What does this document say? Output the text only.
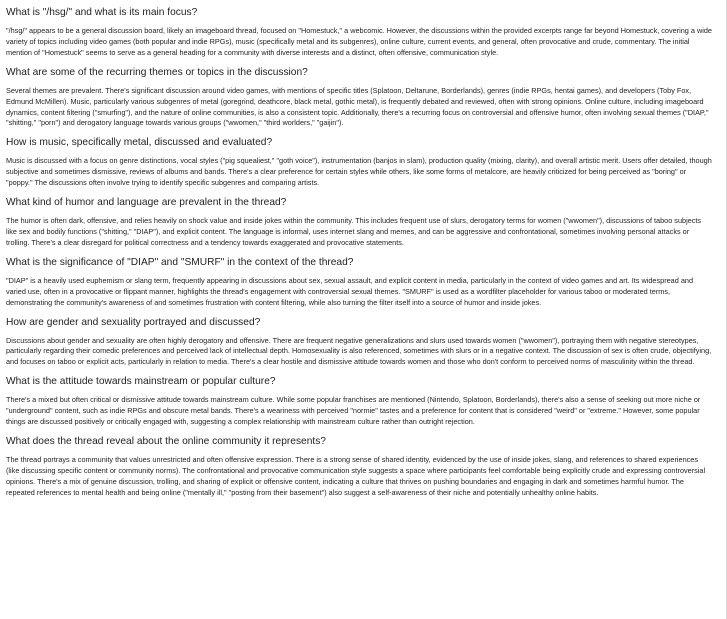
What is "/hsg/" and what is its main focus?

"/hsg/" appears to be a general discussion board, likely an imageboard thread, focused on "Homestuck," a webcomic. However, the discussions within the provided excerpts range far beyond Homestuck, covering a wide variety of topics including video games (both popular and indie RPGs), music (specifically metal and its subgenres), online culture, current events, and general, often provocative and crude, commentary. The initial mention of "Homestuck" seems to serve as a general heading for a community with diverse interests and a distinct, often offensive, communication style.

What are some of the recurring themes or topics in the discussion?

Several themes are prevalent. There's significant discussion around video games, with mentions of specific titles (Splatoon, Deltarune, Borderlands), genres (indie RPGs, hentai games), and developers (Toby Fox, Edmund McMillen). Music, particularly various subgenres of metal (goregrind, deathcore, black metal, gothic metal), is frequently debated and reviewed, often with strong opinions. Online culture, including imageboard dynamics, content filtering ("smurfing"), and the nature of online communities, is also a consistent topic. Additionally, there's a recurring focus on controversial and offensive humor, often involving sexual themes ("DIAP," "shitting," "porn") and derogatory language towards various groups ("wwomen," "third worlders," "gaijin").

How is music, specifically metal, discussed and evaluated?

Music is discussed with a focus on genre distinctions, vocal styles ("pig squealiest," "goth voice"), instrumentation (banjos in slam), production quality (mixing, clarity), and overall artistic merit. Users offer detailed, though subjective and sometimes dismissive, reviews of albums and bands. There's a clear preference for certain styles while others, like some forms of metalcore, are heavily criticized for being perceived as "boring" or "poppy." The discussions often involve trying to identify specific subgenres and comparing artists.

What kind of humor and language are prevalent in the thread?

The humor is often dark, offensive, and relies heavily on shock value and inside jokes within the community. This includes frequent use of slurs, derogatory terms for women ("wwomen"), discussions of taboo subjects like sex and bodily functions ("shitting," "DIAP"), and explicit content. The language is informal, uses internet slang and memes, and can be aggressive and confrontational, sometimes involving personal attacks or trolling. There's a clear disregard for political correctness and a tendency towards exaggerated and provocative statements.

What is the significance of "DIAP" and "SMURF" in the context of the thread?

"DIAP" is a heavily used euphemism or slang term, frequently appearing in discussions about sex, sexual assault, and explicit content in media, particularly in the context of video games and art. Its widespread and varied use, often in a provocative or flippant manner, highlights the thread's engagement with controversial sexual themes. "SMURF" is used as a wordfilter placeholder for various taboo or moderated terms, demonstrating the community's awareness of and sometimes frustration with content filtering, while also turning the filter itself into a source of humor and inside jokes.

How are gender and sexuality portrayed and discussed?

Discussions about gender and sexuality are often highly derogatory and offensive. There are frequent negative generalizations and slurs used towards women ("wwomen"), portraying them with negative stereotypes, particularly regarding their comedic preferences and perceived lack of intellectual depth. Homosexuality is also referenced, sometimes with slurs or in a negative context. The discussion of sex is often crude, objectifying, and focuses on taboo or explicit acts, particularly in relation to media. There's a clear hostile and dismissive attitude towards women and those who don't conform to perceived norms of masculinity within the thread.

What is the attitude towards mainstream or popular culture?

There's a mixed but often critical or dismissive attitude towards mainstream culture. While some popular franchises are mentioned (Nintendo, Splatoon, Borderlands), there's also a sense of seeking out more niche or "underground" content, such as indie RPGs and obscure metal bands. There's a weariness with perceived "normie" tastes and a preference for content that is considered "weird" or "extreme." However, some popular things are discussed positively or critically engaged with, suggesting a complex relationship with mainstream culture rather than outright rejection.

What does the thread reveal about the online community it represents?

The thread portrays a community that values unrestricted and often offensive expression. There is a strong sense of shared identity, evidenced by the use of inside jokes, slang, and references to shared experiences (like discussing specific content or community norms). The confrontational and provocative communication style suggests a space where participants feel comfortable being explicitly crude and expressing controversial opinions. There's a mix of genuine discussion, trolling, and sharing of explicit or offensive content, indicating a culture that thrives on pushing boundaries and engaging in dark and sometimes harmful humor. The repeated references to mental health and being online ("mentally ill," "posting from their basement") also suggest a self-awareness of their niche and potentially unhealthy online habits.
